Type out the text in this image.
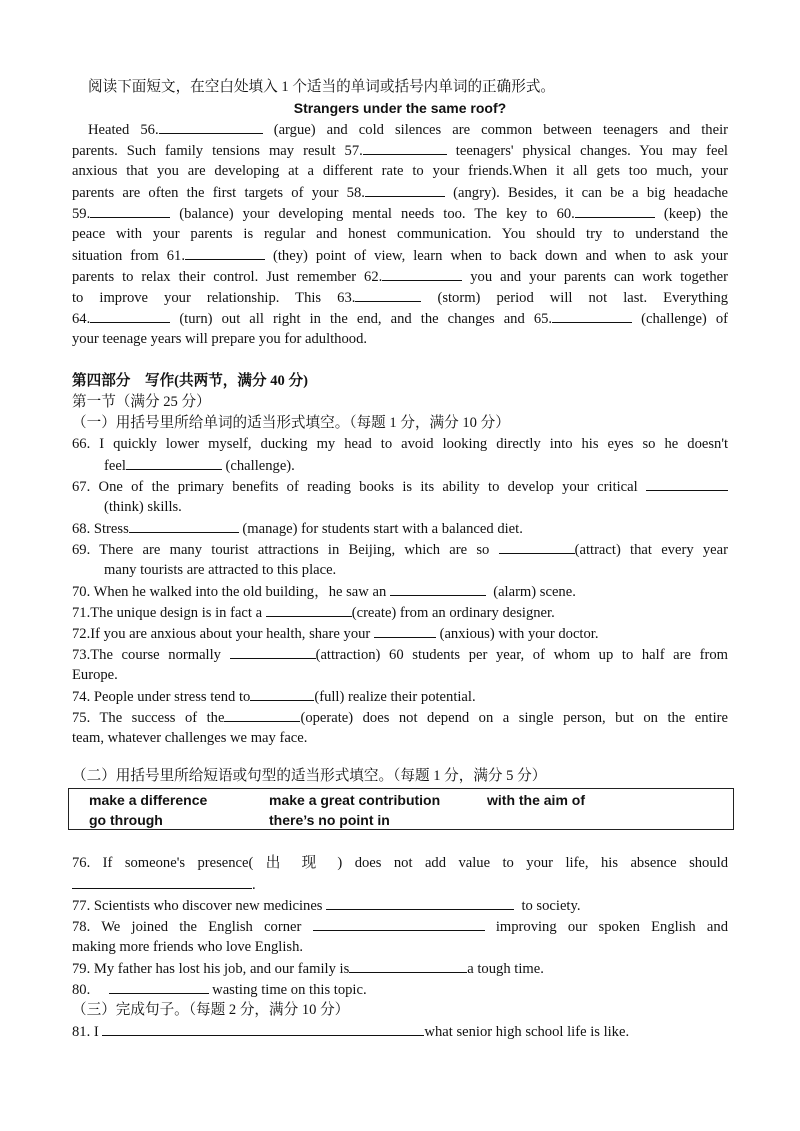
阅读下面短文，在空白处填入 1 个适当的单词或括号内单词的正确形式。
Strangers under the same roof?
Heated 56.	(argue) and cold silences are common between teenagers and their
parents. Such family tensions may result 57.	teenagers' physical changes. You may feel
anxious that you are developing at a different rate to your friends.When it all gets too much, your
parents are often the first targets of your 58.	(angry). Besides, it can be a big headache
59.	(balance) your developing mental needs too. The key to 60.	(keep) the
peace with your parents is regular and honest communication. You should try to understand the
situation from 61.	(they) point of view, learn when to back down and when to ask your
parents to relax their control. Just remember 62.	you and your parents can work together
to improve your relationship. This 63.	(storm) period will not last. Everything
64.	(turn) out all right in the end, and the changes and 65.	(challenge) of
your teenage years will prepare you for adulthood.
第四部分　写作(共两节，满分 40 分)
第一节（满分 25 分）
（一）用括号里所给单词的适当形式填空。（每题 1 分，满分 10 分）
66. I quickly lower myself, ducking my head to avoid looking directly into his eyes so he doesn't
feel	(challenge).
67. One of the primary benefits of reading books is its ability to develop your critical
(think) skills.
68. Stress	(manage) for students start with a balanced diet.
69. There are many tourist attractions in Beijing, which are so	(attract) that every year
many tourists are attracted to this place.
70. When he walked into the old building，he saw an	(alarm) scene.
71.The unique design is in fact a	(create) from an ordinary designer.
72.If you are anxious about your health, share your	(anxious) with your doctor.
73.The course normally	(attraction) 60 students per year, of whom up to half are from
Europe.
74. People under stress tend to	(full) realize their potential.
75. The success of the	(operate) does not depend on a single person, but on the entire
team, whatever challenges we may face.
（二）用括号里所给短语或句型的适当形式填空。（每题 1 分，满分 5 分）
make a difference	make a great contribution	with the aim of
go through	there’s no point in
76. If someone's presence( 出 现 ) does not add value to your life, his absence should
.
77. Scientists who discover new medicines	to society.
78. We joined the English corner	improving our spoken English and
making more friends who love English.
79. My father has lost his job, and our family is	a tough time.
80.	wasting time on this topic.
（三）完成句子。（每题 2 分，满分 10 分）
81. I	what senior high school life is like.
